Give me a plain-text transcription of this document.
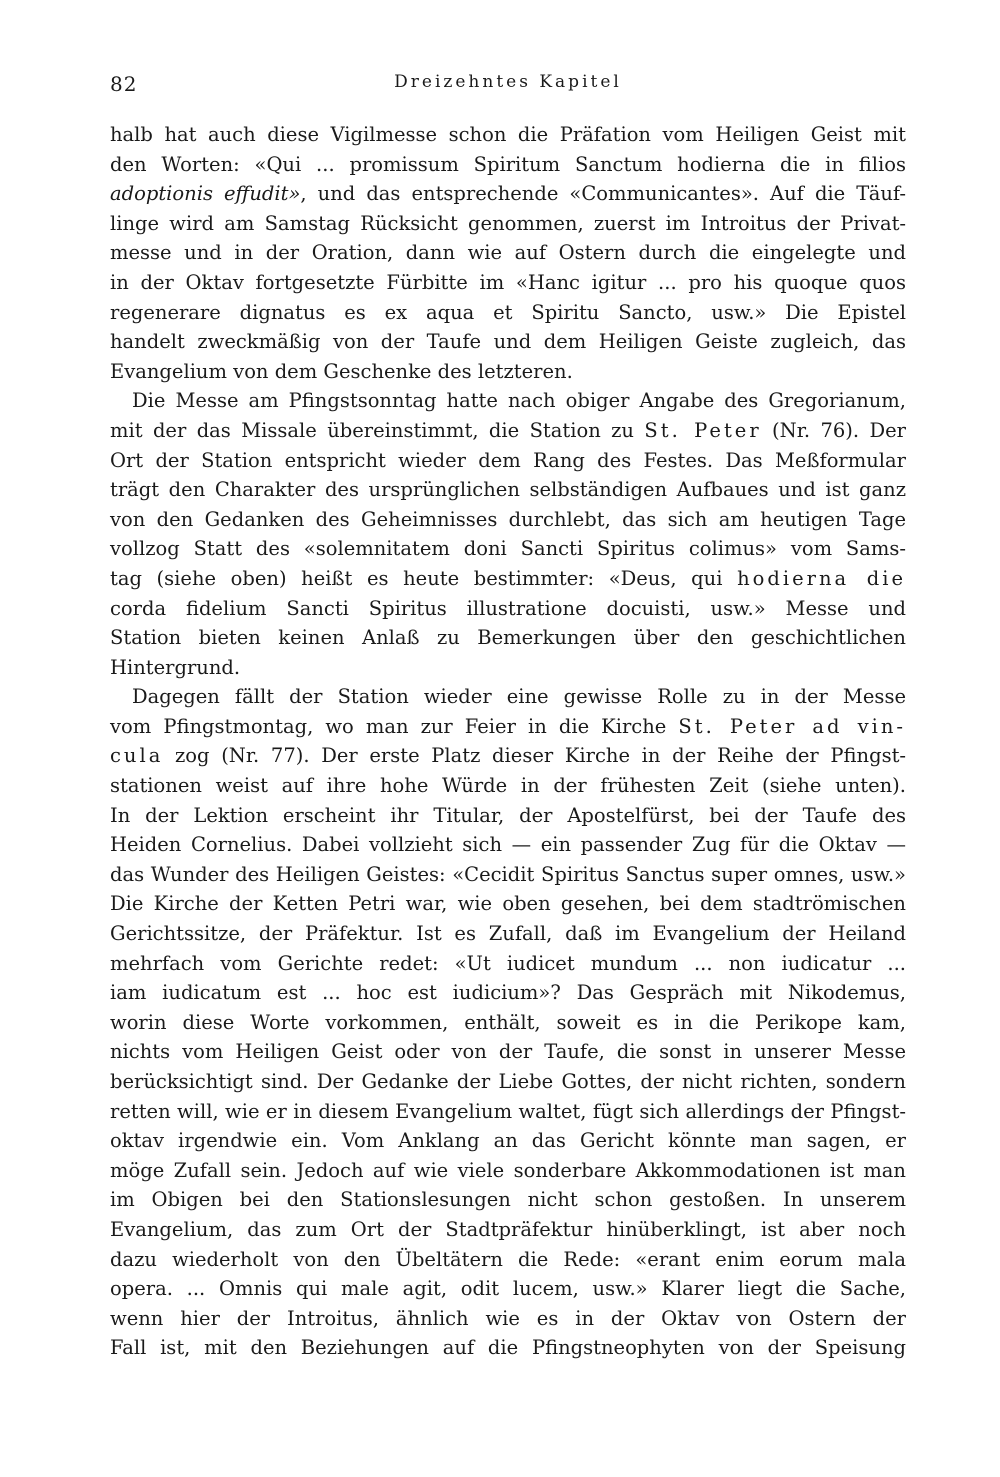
82	Dreizehntes Kapitel
halb hat auch diese Vigilmesse schon die Präfation vom Heiligen Geist mit
den Worten: «Qui ... promissum Spiritum Sanctum hodierna die in filios
adoptionis effudit», und das entsprechende «Communicantes». Auf die Täuf-
linge wird am Samstag Rücksicht genommen, zuerst im Introitus der Privat-
messe und in der Oration, dann wie auf Ostern durch die eingelegte und
in der Oktav fortgesetzte Fürbitte im «Hanc igitur ... pro his quoque quos
regenerare dignatus es ex aqua et Spiritu Sancto, usw.» Die Epistel
handelt zweckmäßig von der Taufe und dem Heiligen Geiste zugleich, das
Evangelium von dem Geschenke des letzteren.
Die Messe am Pfingstsonntag hatte nach obiger Angabe des Gregorianum,
mit der das Missale übereinstimmt, die Station zu St. Peter (Nr. 76). Der
Ort der Station entspricht wieder dem Rang des Festes. Das Meßformular
trägt den Charakter des ursprünglichen selbständigen Aufbaues und ist ganz
von den Gedanken des Geheimnisses durchlebt, das sich am heutigen Tage
vollzog Statt des «solemnitatem doni Sancti Spiritus colimus» vom Sams-
tag (siehe oben) heißt es heute bestimmter: «Deus, qui hodierna die
corda fidelium Sancti Spiritus illustratione docuisti, usw.» Messe und
Station bieten keinen Anlaß zu Bemerkungen über den geschichtlichen
Hintergrund.
Dagegen fällt der Station wieder eine gewisse Rolle zu in der Messe
vom Pfingstmontag, wo man zur Feier in die Kirche St. Peter ad vin-
cula zog (Nr. 77). Der erste Platz dieser Kirche in der Reihe der Pfingst-
stationen weist auf ihre hohe Würde in der frühesten Zeit (siehe unten).
In der Lektion erscheint ihr Titular, der Apostelfürst, bei der Taufe des
Heiden Cornelius. Dabei vollzieht sich — ein passender Zug für die Oktav —
das Wunder des Heiligen Geistes: «Cecidit Spiritus Sanctus super omnes, usw.»
Die Kirche der Ketten Petri war, wie oben gesehen, bei dem stadtrömischen
Gerichtssitze, der Präfektur. Ist es Zufall, daß im Evangelium der Heiland
mehrfach vom Gerichte redet: «Ut iudicet mundum ... non iudicatur ...
iam iudicatum est ... hoc est iudicium»? Das Gespräch mit Nikodemus,
worin diese Worte vorkommen, enthält, soweit es in die Perikope kam,
nichts vom Heiligen Geist oder von der Taufe, die sonst in unserer Messe
berücksichtigt sind. Der Gedanke der Liebe Gottes, der nicht richten, sondern
retten will, wie er in diesem Evangelium waltet, fügt sich allerdings der Pfingst-
oktav irgendwie ein. Vom Anklang an das Gericht könnte man sagen, er
möge Zufall sein. Jedoch auf wie viele sonderbare Akkommodationen ist man
im Obigen bei den Stationslesungen nicht schon gestoßen. In unserem
Evangelium, das zum Ort der Stadtpräfektur hinüberklingt, ist aber noch
dazu wiederholt von den Übeltätern die Rede: «erant enim eorum mala
opera. ... Omnis qui male agit, odit lucem, usw.» Klarer liegt die Sache,
wenn hier der Introitus, ähnlich wie es in der Oktav von Ostern der
Fall ist, mit den Beziehungen auf die Pfingstneophyten von der Speisung
